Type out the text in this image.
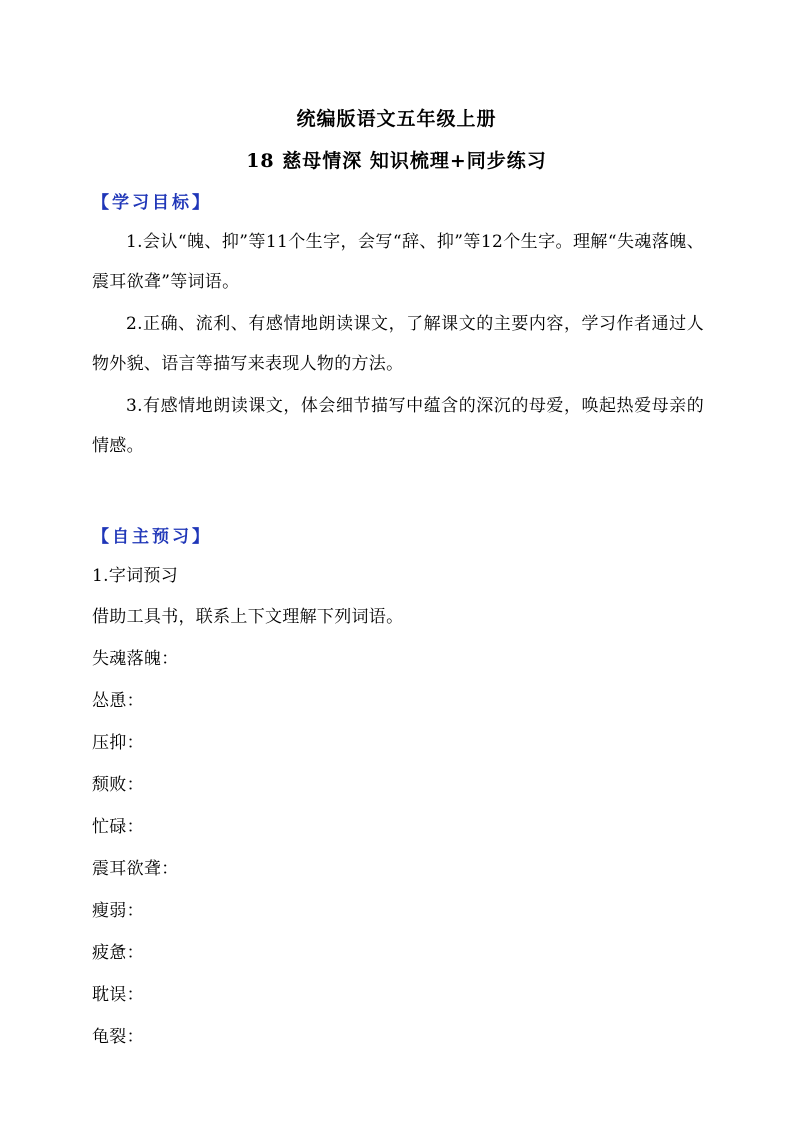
统编版语文五年级上册
18 慈母情深 知识梳理+同步练习
【学习目标】
1.会认“魄、抑”等11个生字，会写“辞、抑”等12个生字。理解“失魂落魄、震耳欲聋”等词语。
2.正确、流利、有感情地朗读课文，了解课文的主要内容，学习作者通过人物外貌、语言等描写来表现人物的方法。
3.有感情地朗读课文，体会细节描写中蕴含的深沉的母爱，唤起热爱母亲的情感。
【自主预习】
1.字词预习
借助工具书，联系上下文理解下列词语。
失魂落魄：
怂恿：
压抑：
颓败：
忙碌：
震耳欲聋：
瘦弱：
疲惫：
耽误：
龟裂：
